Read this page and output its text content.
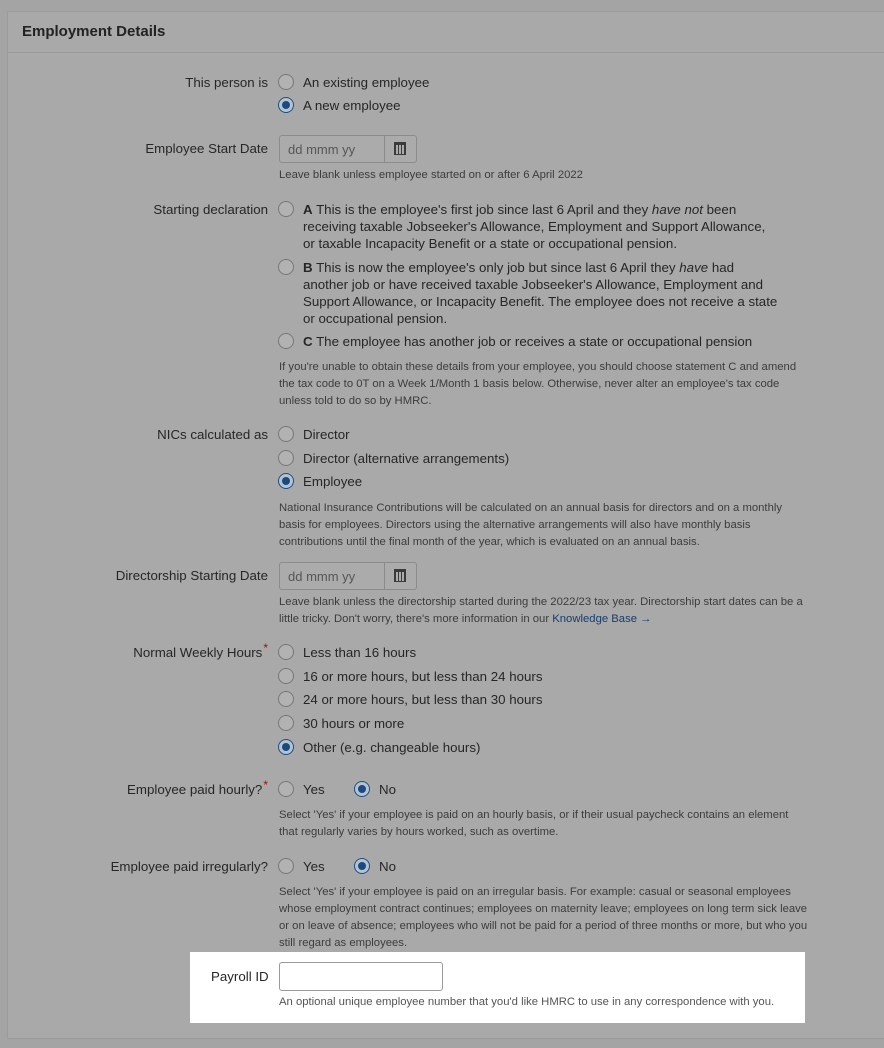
Employment Details
This person is	An existing employee
A new employee
Employee Start Date dd mmm yy
Leave blank unless employee started on or after 6 April 2022
Starting declaration	A This is the employee's first job since last 6 April and they have not been receiving taxable Jobseeker's Allowance, Employment and Support Allowance, or taxable Incapacity Benefit or a state or occupational pension.
B This is now the employee's only job but since last 6 April they have had another job or have received taxable Jobseeker's Allowance, Employment and Support Allowance, or Incapacity Benefit. The employee does not receive a state or occupational pension.
C The employee has another job or receives a state or occupational pension
If you're unable to obtain these details from your employee, you should choose statement C and amend the tax code to 0T on a Week 1/Month 1 basis below. Otherwise, never alter an employee's tax code unless told to do so by HMRC.
NICs calculated as	Director
Director (alternative arrangements)
Employee
National Insurance Contributions will be calculated on an annual basis for directors and on a monthly basis for employees. Directors using the alternative arrangements will also have monthly basis contributions until the final month of the year, which is evaluated on an annual basis.
Directorship Starting Date dd mmm yy
Leave blank unless the directorship started during the 2022/23 tax year. Directorship start dates can be a little tricky. Don't worry, there's more information in our Knowledge Base →
Normal Weekly Hours*	Less than 16 hours
16 or more hours, but less than 24 hours
24 or more hours, but less than 30 hours
30 hours or more
Other (e.g. changeable hours)
Employee paid hourly?*	Yes	No
Select 'Yes' if your employee is paid on an hourly basis, or if their usual paycheck contains an element that regularly varies by hours worked, such as overtime.
Employee paid irregularly?	Yes	No
Select 'Yes' if your employee is paid on an irregular basis. For example: casual or seasonal employees whose employment contract continues; employees on maternity leave; employees on long term sick leave or on leave of absence; employees who will not be paid for a period of three months or more, but who you still regard as employees.
Payroll ID
An optional unique employee number that you'd like HMRC to use in any correspondence with you.
